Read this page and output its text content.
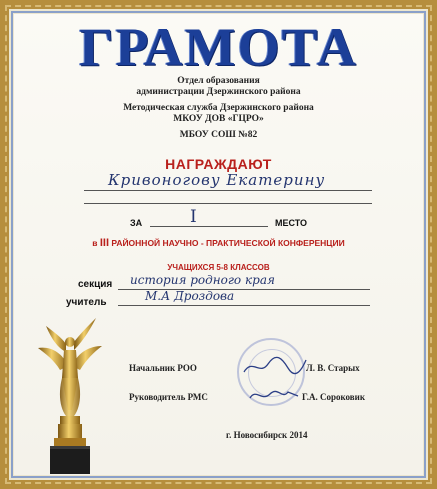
ГРАМОТА
Отдел образования
администрации Дзержинского района
Методическая служба Дзержинского района
МКОУ ДОВ «ГЦРО»
МБОУ СОШ №82
НАГРАЖДАЮТ
Кривоногову Екатерину
ЗА	I	МЕСТО
в III РАЙОННОЙ НАУЧНО - ПРАКТИЧЕСКОЙ КОНФЕРЕНЦИИ
УЧАЩИХСЯ 5-8 КЛАССОВ
секция история родного края
учитель	М.А Дроздова
Начальник РОО	Л. В. Старых
Руководитель РМС	Г.А. Сороковик
г. Новосибирск 2014
